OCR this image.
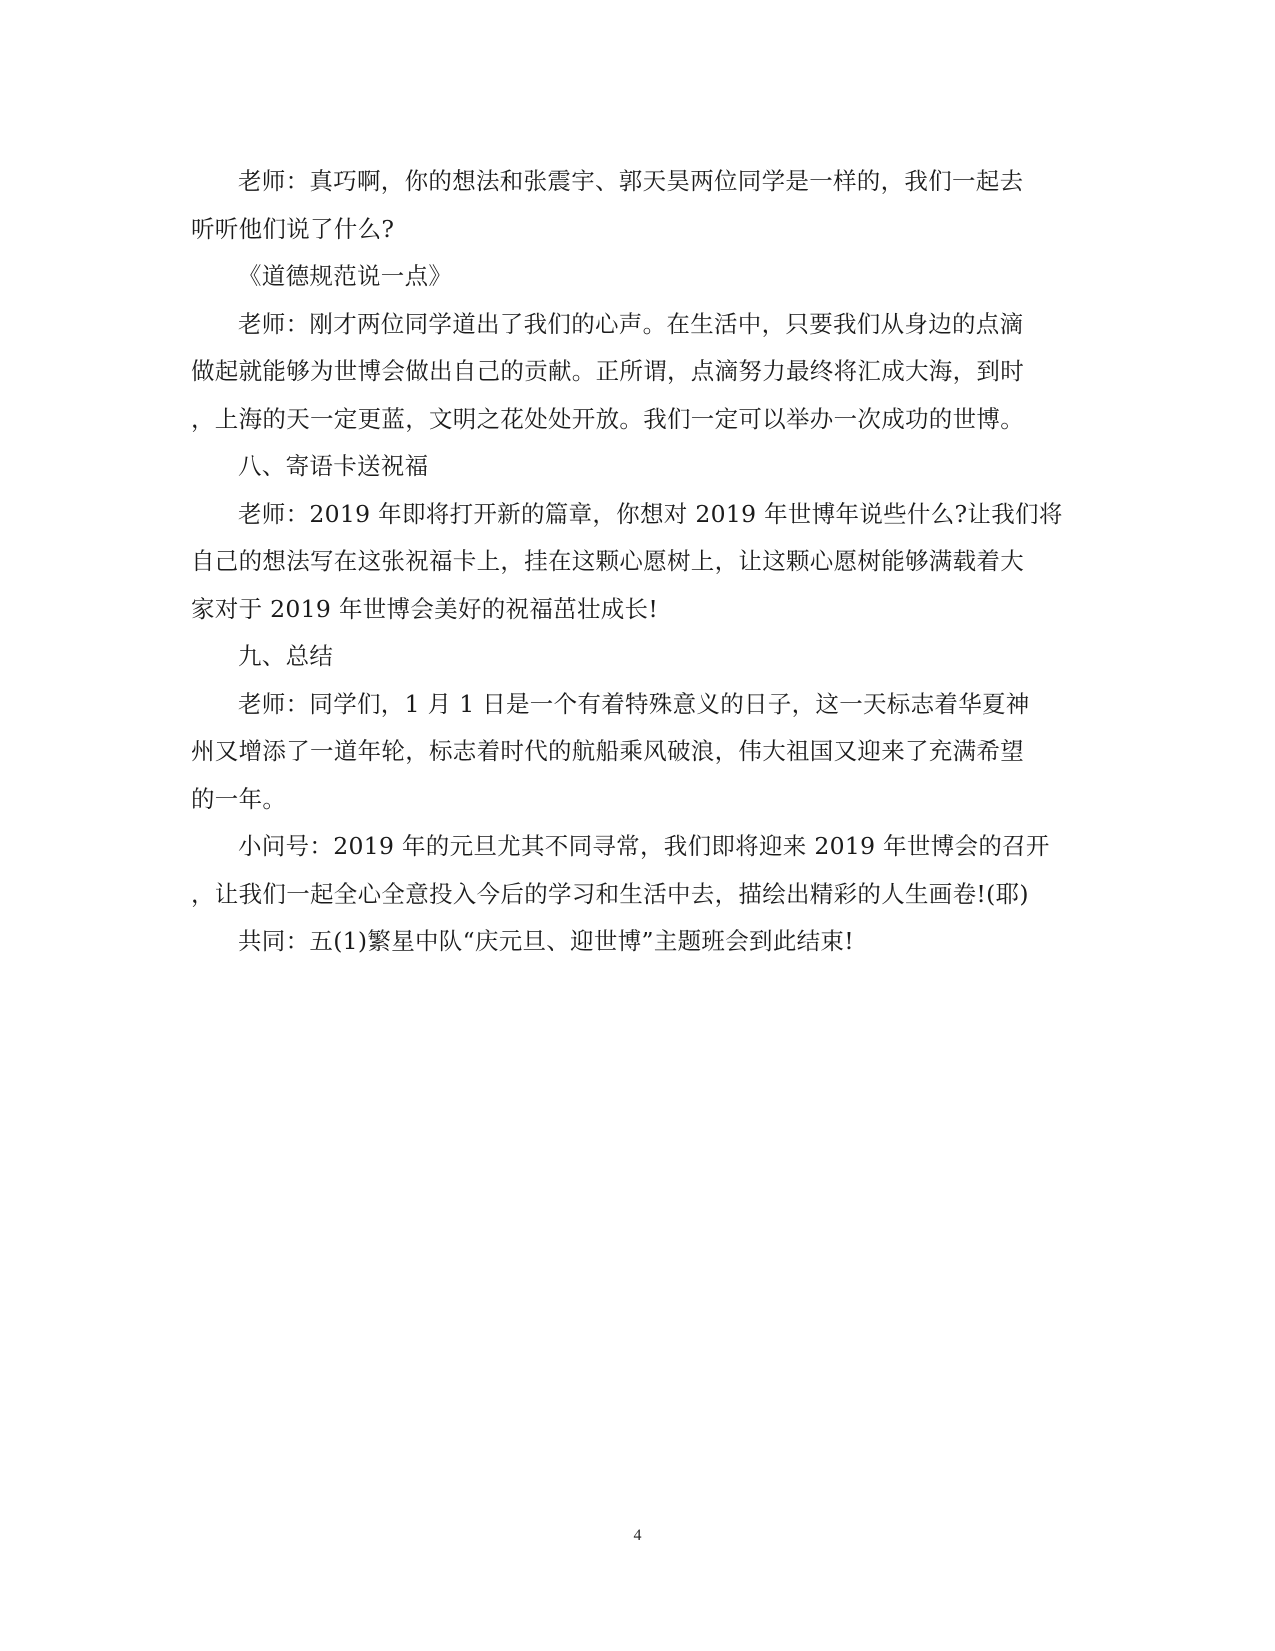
老师：真巧啊，你的想法和张震宇、郭天昊两位同学是一样的，我们一起去
听听他们说了什么?

《道德规范说一点》

老师：刚才两位同学道出了我们的心声。在生活中，只要我们从身边的点滴
做起就能够为世博会做出自己的贡献。正所谓，点滴努力最终将汇成大海，到时
，上海的天一定更蓝，文明之花处处开放。我们一定可以举办一次成功的世博。

八、寄语卡送祝福

老师：2019 年即将打开新的篇章，你想对 2019 年世博年说些什么?让我们将
自己的想法写在这张祝福卡上，挂在这颗心愿树上，让这颗心愿树能够满载着大
家对于 2019 年世博会美好的祝福茁壮成长!

九、总结

老师：同学们，1 月 1 日是一个有着特殊意义的日子，这一天标志着华夏神
州又增添了一道年轮，标志着时代的航船乘风破浪，伟大祖国又迎来了充满希望
的一年。

小问号：2019 年的元旦尤其不同寻常，我们即将迎来 2019 年世博会的召开
，让我们一起全心全意投入今后的学习和生活中去，描绘出精彩的人生画卷!(耶)

共同：五(1)繁星中队“庆元旦、迎世博”主题班会到此结束!

4
